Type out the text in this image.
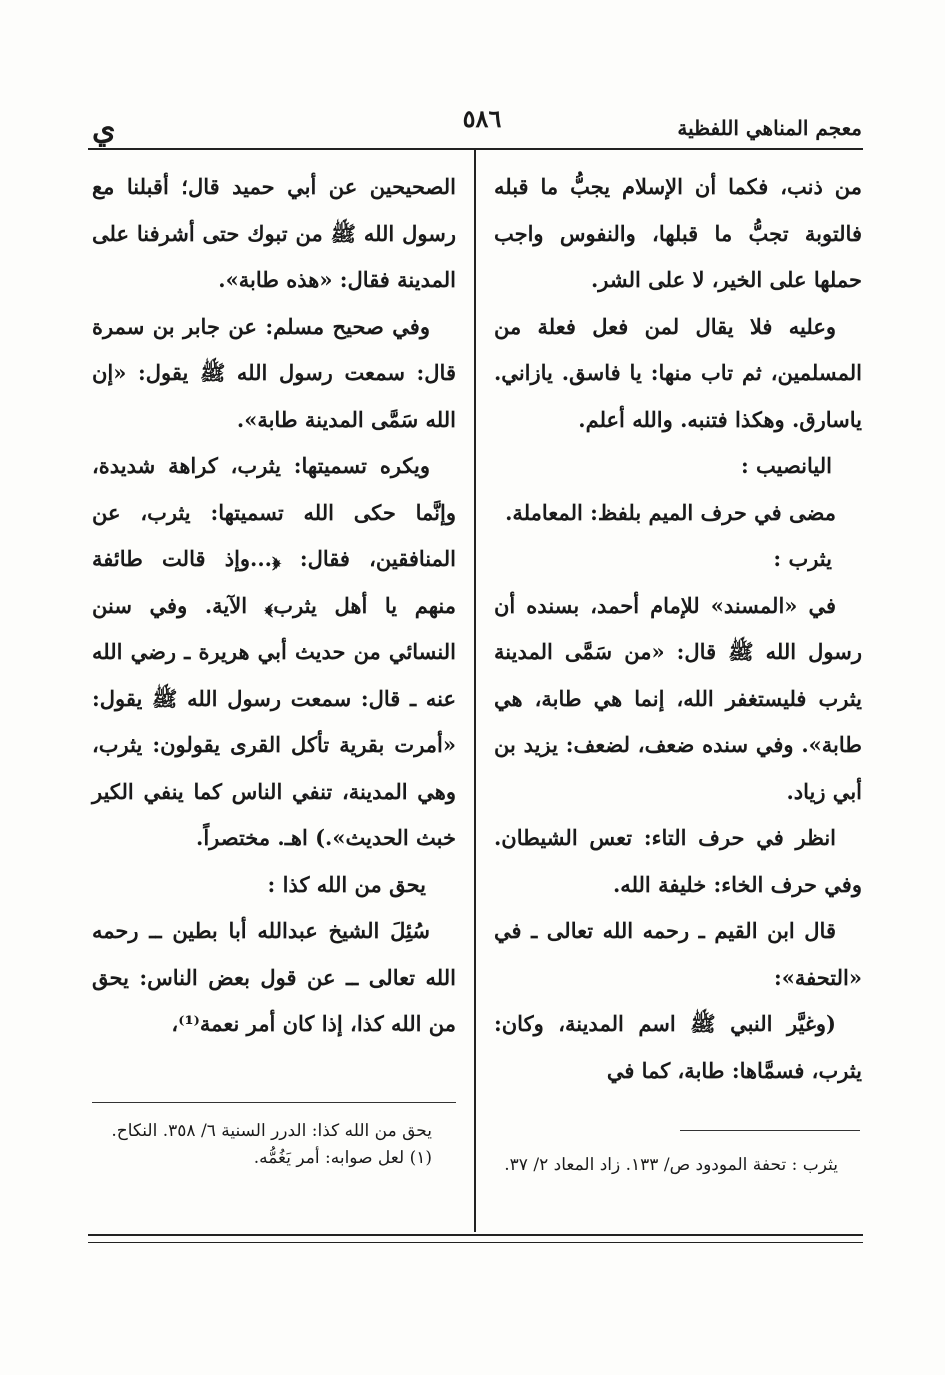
معجم المناهي اللفظية
٥٨٦
ي

من ذنب، فكما أن الإسلام يجبُّ ما قبله فالتوبة تجبُّ ما قبلها، والنفوس واجب حملها على الخير، لا على الشر.

وعليه فلا يقال لمن فعل فعلة من المسلمين، ثم تاب منها: يا فاسق. يازاني. ياسارق. وهكذا فتنبه. والله أعلم.

اليانصيب :

مضى في حرف الميم بلفظ: المعاملة.

يثرب :

في «المسند» للإمام أحمد، بسنده أن رسول الله ﷺ قال: «من سَمَّى المدينة يثرب فليستغفر الله، إنما هي طابة، هي طابة». وفي سنده ضعف، لضعف: يزيد بن أبي زياد.

انظر في حرف التاء: تعس الشيطان. وفي حرف الخاء: خليفة الله.

قال ابن القيم ـ رحمه الله تعالى ـ في «التحفة»:

(وغيَّر النبي ﷺ اسم المدينة، وكان: يثرب، فسمَّاها: طابة، كما في

يثرب : تحفة المودود ص/ ١٣٣. زاد المعاد ٢/ ٣٧.

الصحيحين عن أبي حميد قال؛ أقبلنا مع رسول الله ﷺ من تبوك حتى أشرفنا على المدينة فقال: «هذه طابة».

وفي صحيح مسلم: عن جابر بن سمرة قال: سمعت رسول الله ﷺ يقول: «إن الله سَمَّى المدينة طابة».

ويكره تسميتها: يثرب، كراهة شديدة، وإنَّما حكى الله تسميتها: يثرب، عن المنافقين، فقال: ﴿...وإذ قالت طائفة منهم يا أهل يثرب﴾ الآية. وفي سنن النسائي من حديث أبي هريرة ـ رضي الله عنه ـ قال: سمعت رسول الله ﷺ يقول: «أمرت بقرية تأكل القرى يقولون: يثرب، وهي المدينة، تنفي الناس كما ينفي الكير خبث الحديث».) اهـ. مختصراً.

يحق من الله كذا :

سُئِلَ الشيخ عبدالله أبا بطين ــ رحمه الله تعالى ــ عن قول بعض الناس: يحق من الله كذا، إذا كان أمر نعمة⁽¹⁾،

يحق من الله كذا: الدرر السنية ٦/ ٣٥٨. النكاح.

(١) لعل صوابه: أمر يَغُمُّه.
